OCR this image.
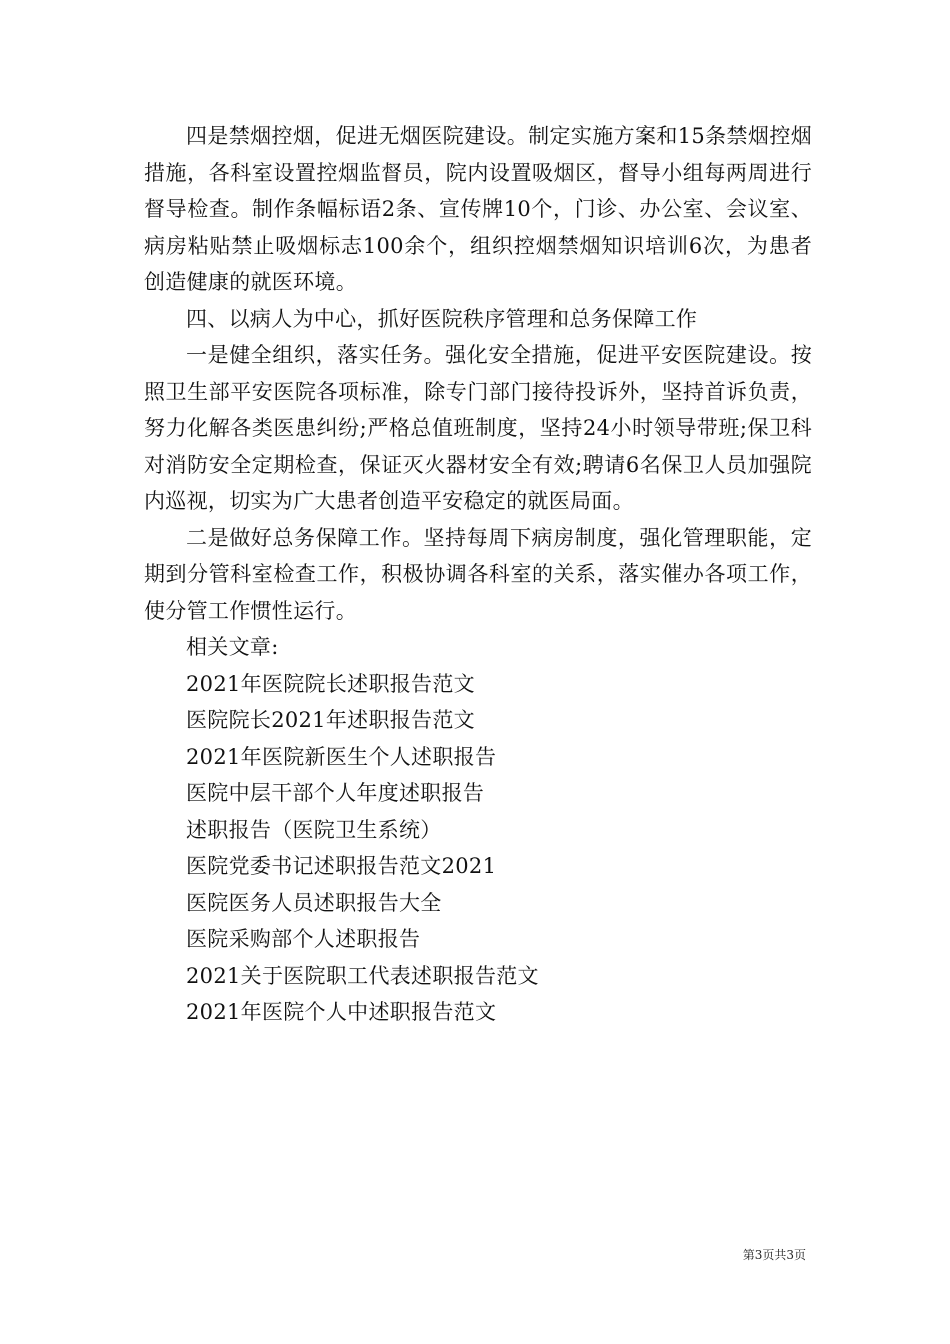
四是禁烟控烟，促进无烟医院建设。制定实施方案和15条禁烟控烟措施，各科室设置控烟监督员，院内设置吸烟区，督导小组每两周进行督导检查。制作条幅标语2条、宣传牌10个，门诊、办公室、会议室、病房粘贴禁止吸烟标志100余个，组织控烟禁烟知识培训6次，为患者创造健康的就医环境。

四、以病人为中心，抓好医院秩序管理和总务保障工作

一是健全组织，落实任务。强化安全措施，促进平安医院建设。按照卫生部平安医院各项标准，除专门部门接待投诉外，坚持首诉负责，努力化解各类医患纠纷;严格总值班制度，坚持24小时领导带班;保卫科对消防安全定期检查，保证灭火器材安全有效;聘请6名保卫人员加强院内巡视，切实为广大患者创造平安稳定的就医局面。

二是做好总务保障工作。坚持每周下病房制度，强化管理职能，定期到分管科室检查工作，积极协调各科室的关系，落实催办各项工作，使分管工作惯性运行。

相关文章:

2021年医院院长述职报告范文
医院院长2021年述职报告范文
2021年医院新医生个人述职报告
医院中层干部个人年度述职报告
述职报告（医院卫生系统）
医院党委书记述职报告范文2021
医院医务人员述职报告大全
医院采购部个人述职报告
2021关于医院职工代表述职报告范文
2021年医院个人中述职报告范文
第3页共3页
